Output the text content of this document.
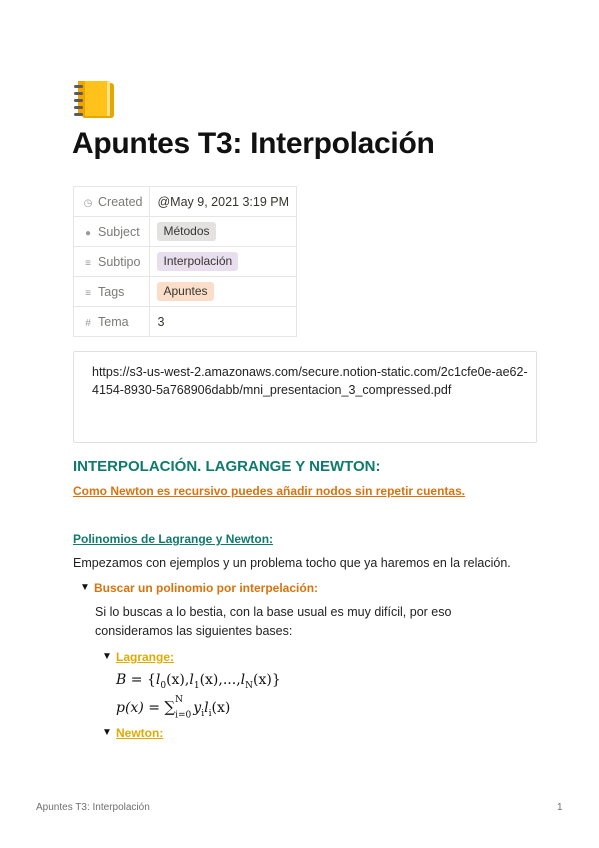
Apuntes T3: Interpolación
◷ Created	@May 9, 2021 3:19 PM
● Subject	Métodos
≡ Subtipo	Interpolación
≡ Tags	Apuntes
# Tema	3
https://s3-us-west-2.amazonaws.com/secure.notion-static.com/2c1cfe0e-ae62-4154-8930-5a768906dabb/mni_presentacion_3_compressed.pdf
INTERPOLACIÓN. LAGRANGE Y NEWTON:
Como Newton es recursivo puedes añadir nodos sin repetir cuentas.
Polinomios de Lagrange y Newton:
Empezamos con ejemplos y un problema tocho que ya haremos en la relación.
▼ Buscar un polinomio por interpelación:
Si lo buscas a lo bestia, con la base usual es muy difícil, por eso consideramos las siguientes bases:
▼ Lagrange:
$B = \{l_0(x),l_1(x),...,l_N(x)\}$
p(x) = ∑$^N$
$_{i=0}$ $y_il_i(x)$
▼ Newton:
Apuntes T3: Interpolación	1
